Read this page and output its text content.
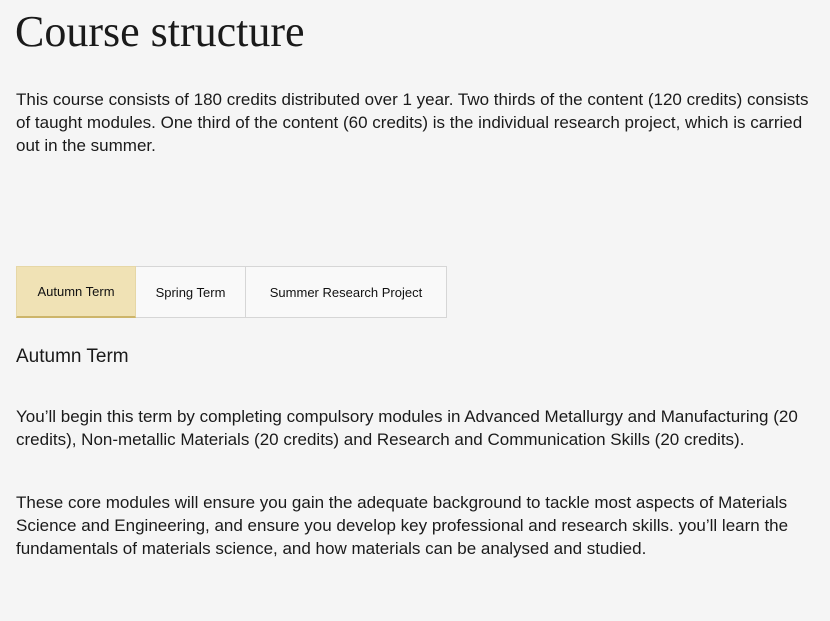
Course structure

This course consists of 180 credits distributed over 1 year. Two thirds of the content (120 credits) consists of taught modules. One third of the content (60 credits) is the individual research project, which is carried out in the summer.

Autumn Term	Spring Term	Summer Research Project
Autumn Term

You’ll begin this term by completing compulsory modules in Advanced Metallurgy and Manufacturing (20 credits), Non-metallic Materials (20 credits) and Research and Communication Skills (20 credits).

These core modules will ensure you gain the adequate background to tackle most aspects of Materials Science and Engineering, and ensure you develop key professional and research skills. you’ll learn the fundamentals of materials science, and how materials can be analysed and studied.
